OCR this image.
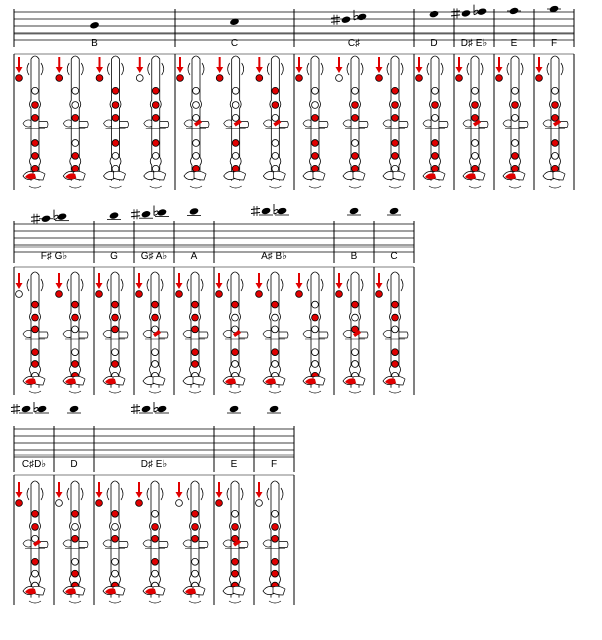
B	C	C♯	D D♯ E♭ E	F
F♯ G♭	G G♯ A♭ A	A♯ B♭	B	C
C♯D♭ D	D♯ E♭	E	F
